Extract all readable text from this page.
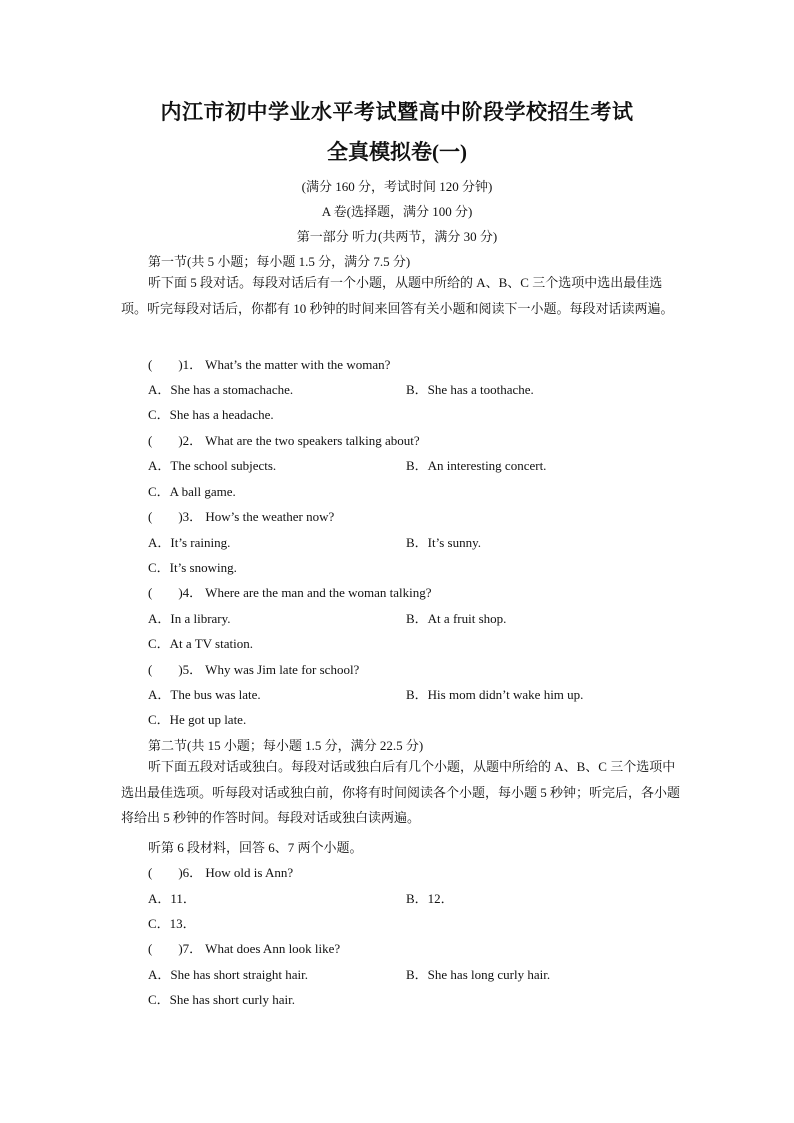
内江市初中学业水平考试暨高中阶段学校招生考试
全真模拟卷(一)
(满分 160 分，考试时间 120 分钟)
A 卷(选择题，满分 100 分)
第一部分 听力(共两节，满分 30 分)
第一节(共 5 小题；每小题 1.5 分，满分 7.5 分)
听下面 5 段对话。每段对话后有一个小题，从题中所给的 A、B、C 三个选项中选出最佳选项。听完每段对话后，你都有 10 秒钟的时间来回答有关小题和阅读下一小题。每段对话读两遍。
(　　)1． What’s the matter with the woman?
A．She has a stomachache.	B．She has a toothache.
C．She has a headache.
(　　)2． What are the two speakers talking about?
A．The school subjects.	B．An interesting concert.
C．A ball game.
(　　)3． How’s the weather now?
A．It’s raining.	B．It’s sunny.
C．It’s snowing.
(　　)4． Where are the man and the woman talking?
A．In a library.	B．At a fruit shop.
C．At a TV station.
(　　)5． Why was Jim late for school?
A．The bus was late.	B．His mom didn’t wake him up.
C．He got up late.
第二节(共 15 小题；每小题 1.5 分，满分 22.5 分)
听下面五段对话或独白。每段对话或独白后有几个小题，从题中所给的 A、B、C 三个选项中选出最佳选项。听每段对话或独白前，你将有时间阅读各个小题，每小题 5 秒钟；听完后，各小题将给出 5 秒钟的作答时间。每段对话或独白读两遍。
听第 6 段材料，回答 6、7 两个小题。
(　　)6． How old is Ann?
A．11．	B．12．
C．13．
(　　)7． What does Ann look like?
A．She has short straight hair.	B．She has long curly hair.
C．She has short curly hair.
